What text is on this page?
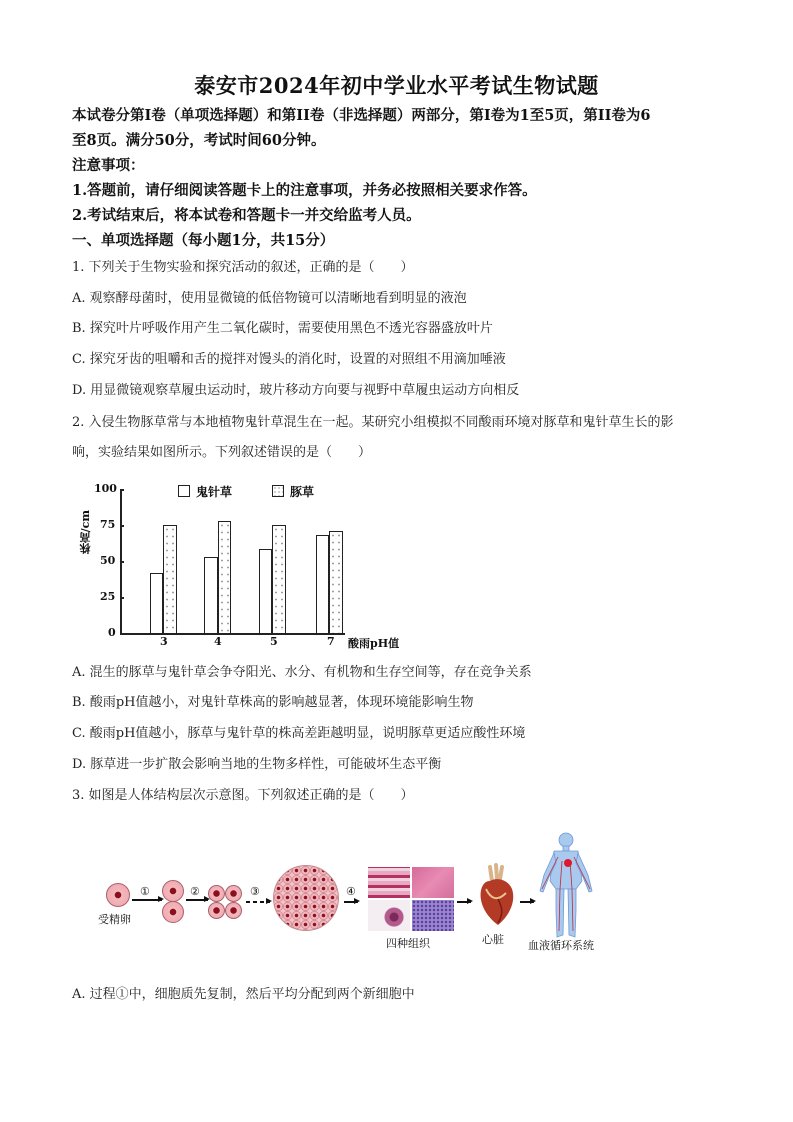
泰安市2024年初中学业水平考试生物试题
本试卷分第I卷（单项选择题）和第II卷（非选择题）两部分，第I卷为1至5页，第II卷为6
至8页。满分50分，考试时间60分钟。
注意事项：
1.答题前，请仔细阅读答题卡上的注意事项，并务必按照相关要求作答。
2.考试结束后，将本试卷和答题卡一并交给监考人员。
一、单项选择题（每小题1分，共15分）
1. 下列关于生物实验和探究活动的叙述，正确的是（　　）
A. 观察酵母菌时，使用显微镜的低倍物镜可以清晰地看到明显的液泡
B. 探究叶片呼吸作用产生二氧化碳时，需要使用黑色不透光容器盛放叶片
C. 探究牙齿的咀嚼和舌的搅拌对馒头的消化时，设置的对照组不用滴加唾液
D. 用显微镜观察草履虫运动时，玻片移动方向要与视野中草履虫运动方向相反
2. 入侵生物豚草常与本地植物鬼针草混生在一起。某研究小组模拟不同酸雨环境对豚草和鬼针草生长的影
响，实验结果如图所示。下列叙述错误的是（　　）
鬼针草	豚草
株高/cm
100
75
50
25
0
3	4	5	7 酸雨pH值
A. 混生的豚草与鬼针草会争夺阳光、水分、有机物和生存空间等，存在竞争关系
B. 酸雨pH值越小，对鬼针草株高的影响越显著，体现环境能影响生物
C. 酸雨pH值越小，豚草与鬼针草的株高差距越明显，说明豚草更适应酸性环境
D. 豚草进一步扩散会影响当地的生物多样性，可能破坏生态平衡
3. 如图是人体结构层次示意图。下列叙述正确的是（　　）
受精卵
①	②	③	④
四种组织	心脏 血液循环系统
A. 过程①中，细胞质先复制，然后平均分配到两个新细胞中
